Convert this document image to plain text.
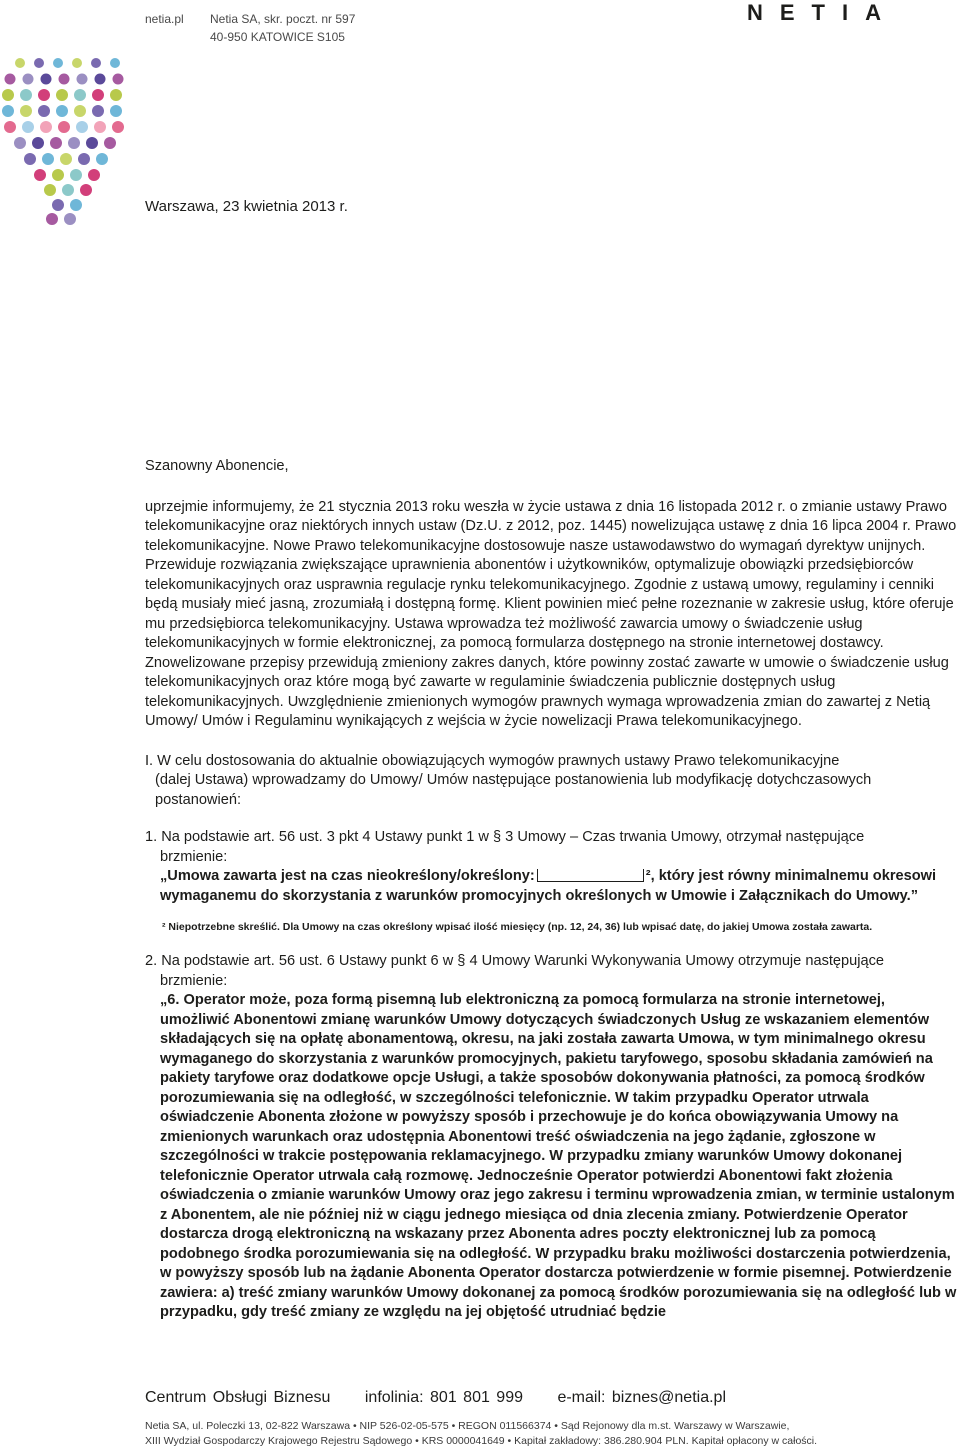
netia.pl Netia SA, skr. poczt. nr 597
40-950 KATOWICE S105
NETIA
Warszawa, 23 kwietnia 2013 r.

Szanowny Abonencie,

uprzejmie informujemy, że 21 stycznia 2013 roku weszła w życie ustawa z dnia 16 listopada 2012 r. o zmianie ustawy Prawo telekomunikacyjne oraz niektórych innych ustaw (Dz.U. z 2012, poz. 1445) nowelizująca ustawę z dnia 16 lipca 2004 r. Prawo telekomunikacyjne. Nowe Prawo telekomunikacyjne dostosowuje nasze ustawodawstwo do wymagań dyrektyw unijnych. Przewiduje rozwiązania zwiększające uprawnienia abonentów i użytkowników, optymalizuje obowiązki przedsiębiorców telekomunikacyjnych oraz usprawnia regulacje rynku telekomunikacyjnego. Zgodnie z ustawą umowy, regulaminy i cenniki będą musiały mieć jasną, zrozumiałą i dostępną formę. Klient powinien mieć pełne rozeznanie w zakresie usług, które oferuje mu przedsiębiorca telekomunikacyjny. Ustawa wprowadza też możliwość zawarcia umowy o świadczenie usług telekomunikacyjnych w formie elektronicznej, za pomocą formularza dostępnego na stronie internetowej dostawcy. Znowelizowane przepisy przewidują zmieniony zakres danych, które powinny zostać zawarte w umowie o świadczenie usług telekomunikacyjnych oraz które mogą być zawarte w regulaminie świadczenia publicznie dostępnych usług telekomunikacyjnych. Uwzględnienie zmienionych wymogów prawnych wymaga wprowadzenia zmian do zawartej z Netią Umowy/ Umów i Regulaminu wynikających z wejścia w życie nowelizacji Prawa telekomunikacyjnego.

I. W celu dostosowania do aktualnie obowiązujących wymogów prawnych ustawy Prawo telekomunikacyjne

(dalej Ustawa) wprowadzamy do Umowy/ Umów następujące postanowienia lub modyfikację dotychczasowych postanowień:

1. Na podstawie art. 56 ust. 3 pkt 4 Ustawy punkt 1 w § 3 Umowy – Czas trwania Umowy, otrzymał następujące

brzmienie:

„Umowa zawarta jest na czas nieokreślony/określony:	², który jest równy minimalnemu okresowi wymaganemu do skorzystania z warunków promocyjnych określonych w Umowie i Załącznikach do Umowy.”

² Niepotrzebne skreślić. Dla Umowy na czas określony wpisać ilość miesięcy (np. 12, 24, 36) lub wpisać datę, do jakiej Umowa została zawarta.

2. Na podstawie art. 56 ust. 6 Ustawy punkt 6 w § 4 Umowy Warunki Wykonywania Umowy otrzymuje następujące

brzmienie:

„6. Operator może, poza formą pisemną lub elektroniczną za pomocą formularza na stronie internetowej, umożliwić Abonentowi zmianę warunków Umowy dotyczących świadczonych Usług ze wskazaniem elementów składających się na opłatę abonamentową, okresu, na jaki została zawarta Umowa, w tym minimalnego okresu wymaganego do skorzystania z warunków promocyjnych, pakietu taryfowego, sposobu składania zamówień na pakiety taryfowe oraz dodatkowe opcje Usługi, a także sposobów dokonywania płatności, za pomocą środków porozumiewania się na odległość, w szczególności telefonicznie. W takim przypadku Operator utrwala oświadczenie Abonenta złożone w powyższy sposób i przechowuje je do końca obowiązywania Umowy na zmienionych warunkach oraz udostępnia Abonentowi treść oświadczenia na jego żądanie, zgłoszone w szczególności w trakcie postępowania reklamacyjnego. W przypadku zmiany warunków Umowy dokonanej telefonicznie Operator utrwala całą rozmowę. Jednocześnie Operator potwierdzi Abonentowi fakt złożenia oświadczenia o zmianie warunków Umowy oraz jego zakresu i terminu wprowadzenia zmian, w terminie ustalonym z Abonentem, ale nie później niż w ciągu jednego miesiąca od dnia zlecenia zmiany. Potwierdzenie Operator dostarcza drogą elektroniczną na wskazany przez Abonenta adres poczty elektronicznej lub za pomocą podobnego środka porozumiewania się na odległość. W przypadku braku możliwości dostarczenia potwierdzenia, w powyższy sposób lub na żądanie Abonenta Operator dostarcza potwierdzenie w formie pisemnej. Potwierdzenie zawiera: a) treść zmiany warunków Umowy dokonanej za pomocą środków porozumiewania się na odległość lub w przypadku, gdy treść zmiany ze względu na jej objętość utrudniać będzie

Centrum Obsługi Biznesu infolinia: 801 801 999 e-mail: biznes@netia.pl
Netia SA, ul. Poleczki 13, 02-822 Warszawa • NIP 526-02-05-575 • REGON 011566374 • Sąd Rejonowy dla m.st. Warszawy w Warszawie,
XIII Wydział Gospodarczy Krajowego Rejestru Sądowego • KRS 0000041649 • Kapitał zakładowy: 386.280.904 PLN. Kapitał opłacony w całości.
